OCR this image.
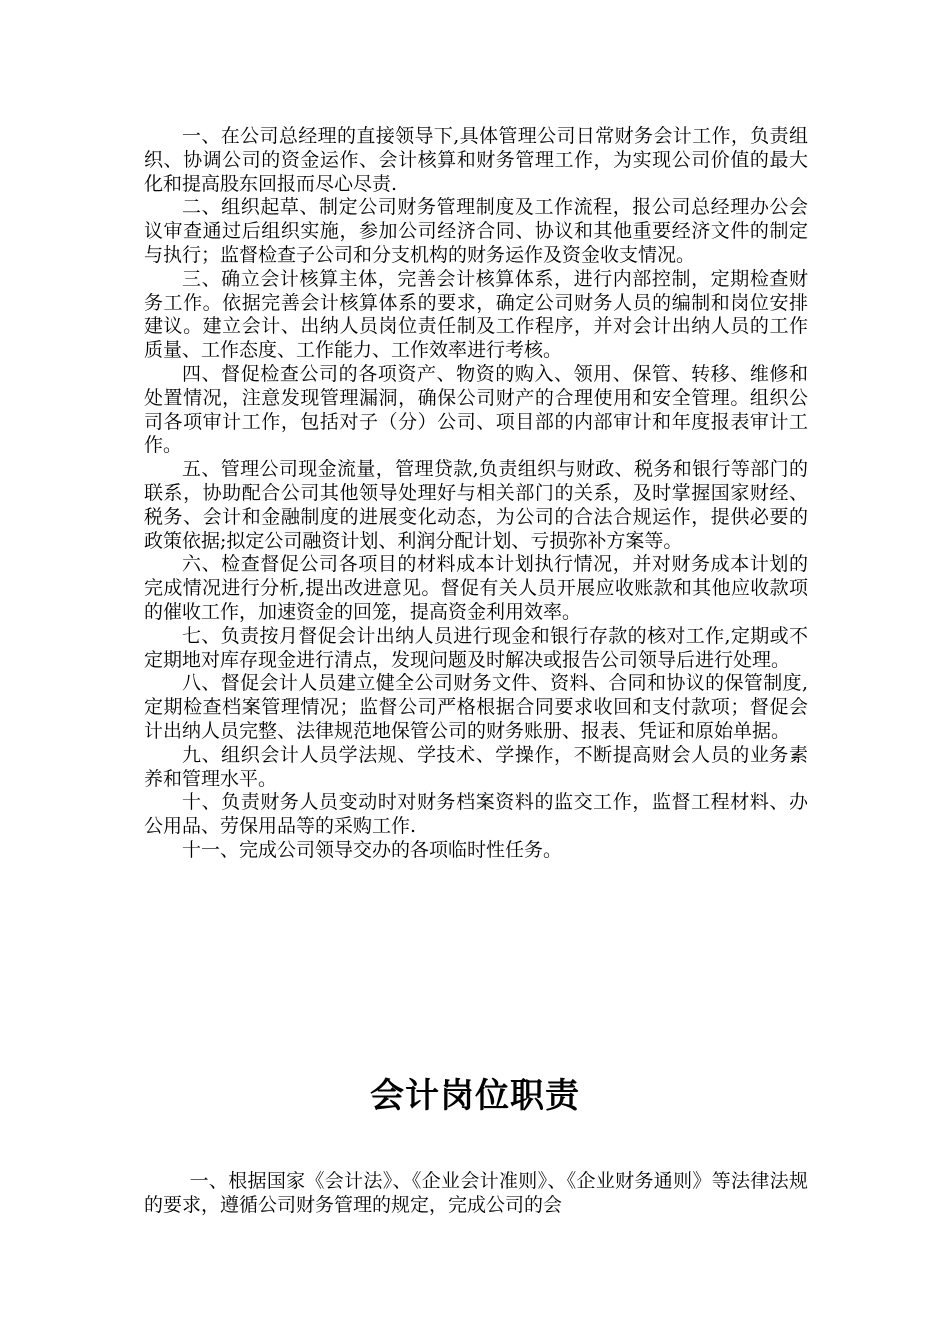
一、在公司总经理的直接领导下,具体管理公司日常财务会计工作，负责组织、协调公司的资金运作、会计核算和财务管理工作，为实现公司价值的最大化和提高股东回报而尽心尽责.

二、组织起草、制定公司财务管理制度及工作流程，报公司总经理办公会议审查通过后组织实施，参加公司经济合同、协议和其他重要经济文件的制定与执行；监督检查子公司和分支机构的财务运作及资金收支情况。

三、确立会计核算主体，完善会计核算体系，进行内部控制，定期检查财务工作。依据完善会计核算体系的要求，确定公司财务人员的编制和岗位安排建议。建立会计、出纳人员岗位责任制及工作程序，并对会计出纳人员的工作质量、工作态度、工作能力、工作效率进行考核。

四、督促检查公司的各项资产、物资的购入、领用、保管、转移、维修和处置情况，注意发现管理漏洞，确保公司财产的合理使用和安全管理。组织公司各项审计工作，包括对子（分）公司、项目部的内部审计和年度报表审计工作。

五、管理公司现金流量，管理贷款,负责组织与财政、税务和银行等部门的联系，协助配合公司其他领导处理好与相关部门的关系，及时掌握国家财经、税务、会计和金融制度的进展变化动态，为公司的合法合规运作，提供必要的政策依据;拟定公司融资计划、利润分配计划、亏损弥补方案等。

六、检查督促公司各项目的材料成本计划执行情况，并对财务成本计划的完成情况进行分析,提出改进意见。督促有关人员开展应收账款和其他应收款项的催收工作，加速资金的回笼，提高资金利用效率。

七、负责按月督促会计出纳人员进行现金和银行存款的核对工作,定期或不定期地对库存现金进行清点，发现问题及时解决或报告公司领导后进行处理。

八、督促会计人员建立健全公司财务文件、资料、合同和协议的保管制度,定期检查档案管理情况；监督公司严格根据合同要求收回和支付款项；督促会计出纳人员完整、法律规范地保管公司的财务账册、报表、凭证和原始单据。

九、组织会计人员学法规、学技术、学操作，不断提高财会人员的业务素养和管理水平。

十、负责财务人员变动时对财务档案资料的监交工作，监督工程材料、办公用品、劳保用品等的采购工作.

十一、完成公司领导交办的各项临时性任务。

会计岗位职责

一、根据国家《会计法》、《企业会计准则》、《企业财务通则》等法律法规的要求，遵循公司财务管理的规定，完成公司的会
